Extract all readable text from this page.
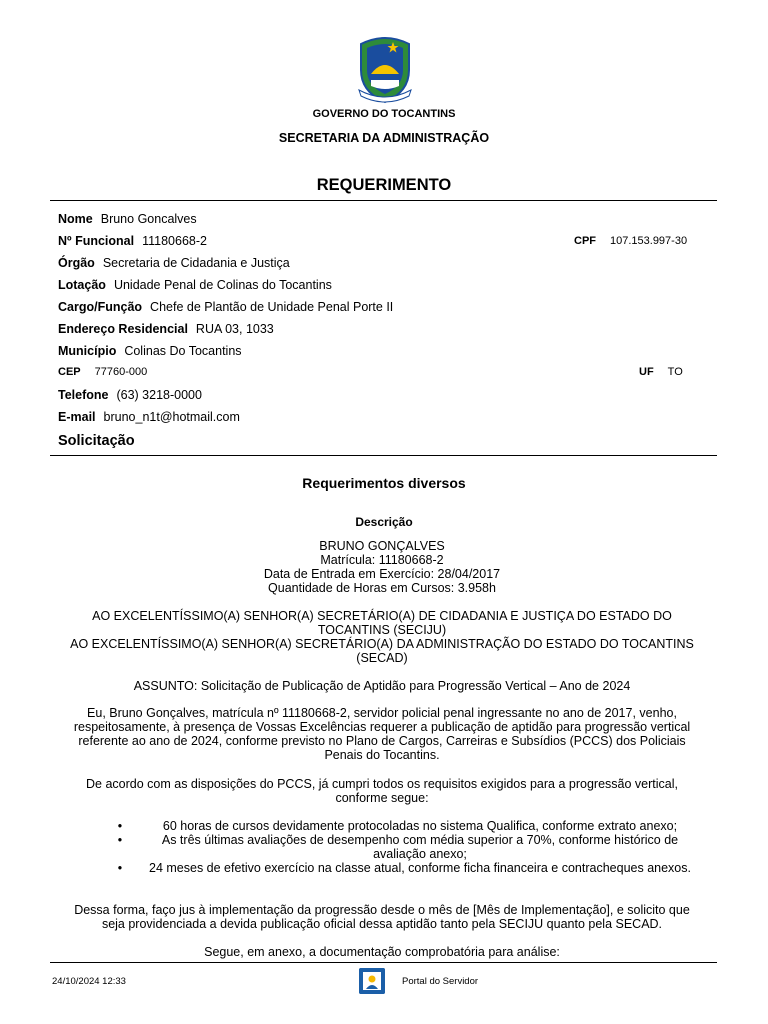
GOVERNO DO TOCANTINS
SECRETARIA DA ADMINISTRAÇÃO
REQUERIMENTO
Nome Bruno Goncalves
Nº Funcional 11180668-2	CPF 107.153.997-30
Órgão Secretaria de Cidadania e Justiça
Lotação Unidade Penal de Colinas do Tocantins
Cargo/Função Chefe de Plantão de Unidade Penal Porte II
Endereço Residencial RUA 03, 1033
Município Colinas Do Tocantins
CEP 77760-000	UF TO
Telefone (63) 3218-0000
E-mail bruno_n1t@hotmail.com
Solicitação
Requerimentos diversos
Descrição

BRUNO GONÇALVES

Matrícula: 11180668-2

Data de Entrada em Exercício: 28/04/2017

Quantidade de Horas em Cursos: 3.958h

AO EXCELENTÍSSIMO(A) SENHOR(A) SECRETÁRIO(A) DE CIDADANIA E JUSTIÇA DO ESTADO DO TOCANTINS (SECIJU)

AO EXCELENTÍSSIMO(A) SENHOR(A) SECRETÁRIO(A) DA ADMINISTRAÇÃO DO ESTADO DO TOCANTINS (SECAD)

ASSUNTO: Solicitação de Publicação de Aptidão para Progressão Vertical – Ano de 2024

Eu, Bruno Gonçalves, matrícula nº 11180668-2, servidor policial penal ingressante no ano de 2017, venho, respeitosamente, à presença de Vossas Excelências requerer a publicação de aptidão para progressão vertical referente ao ano de 2024, conforme previsto no Plano de Cargos, Carreiras e Subsídios (PCCS) dos Policiais Penais do Tocantins.

De acordo com as disposições do PCCS, já cumpri todos os requisitos exigidos para a progressão vertical, conforme segue:

•	60 horas de cursos devidamente protocoladas no sistema Qualifica, conforme extrato anexo;
•	As três últimas avaliações de desempenho com média superior a 70%, conforme histórico de avaliação anexo;
•	24 meses de efetivo exercício na classe atual, conforme ficha financeira e contracheques anexos.

Dessa forma, faço jus à implementação da progressão desde o mês de [Mês de Implementação], e solicito que seja providenciada a devida publicação oficial dessa aptidão tanto pela SECIJU quanto pela SECAD.

Segue, em anexo, a documentação comprobatória para análise:

24/10/2024 12:33	Portal do Servidor
